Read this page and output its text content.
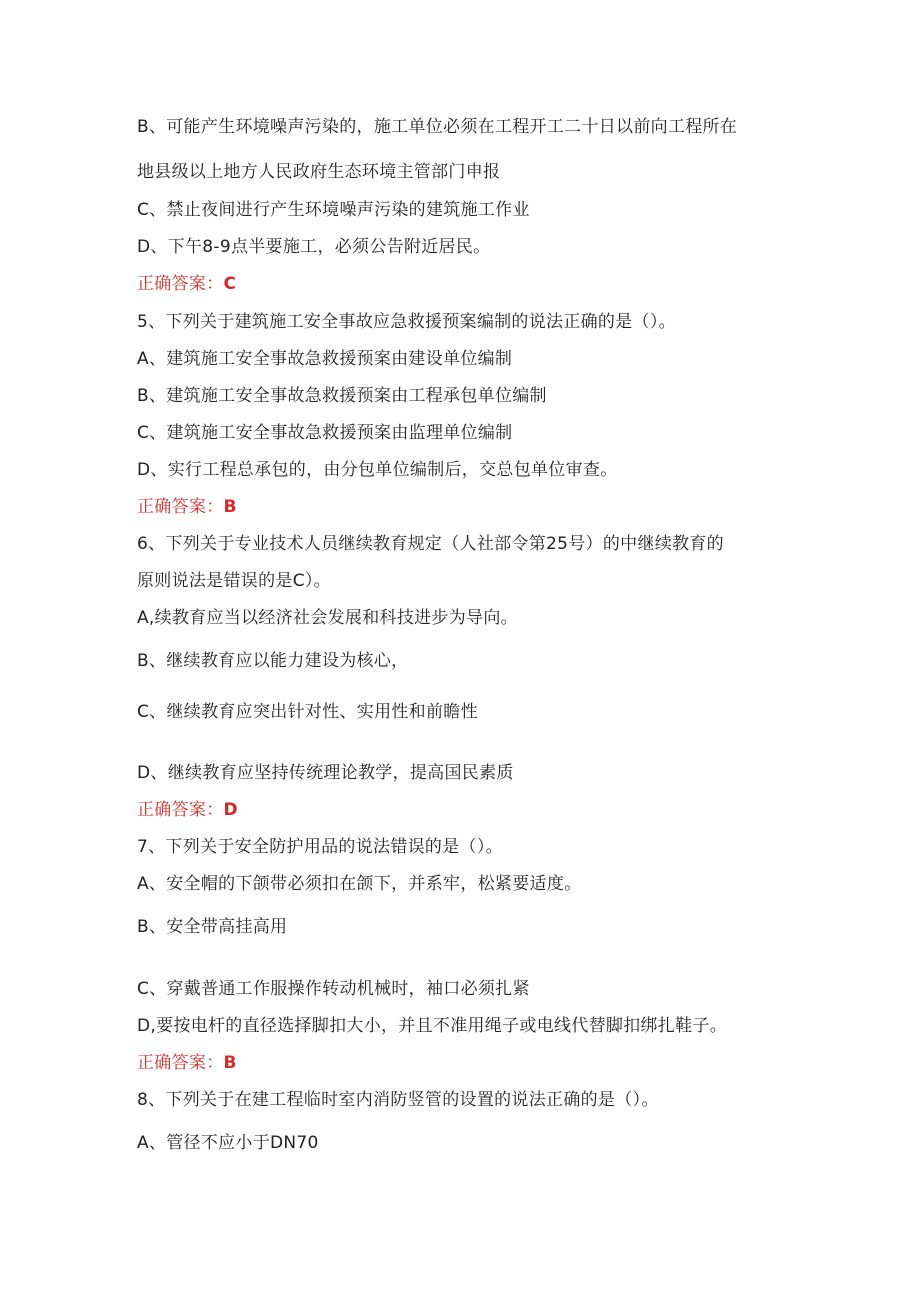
B、可能产生环境噪声污染的，施工单位必须在工程开工二十日以前向工程所在
地县级以上地方人民政府生态环境主管部门申报
C、禁止夜间进行产生环境噪声污染的建筑施工作业
D、下午8-9点半要施工，必须公告附近居民。
正确答案：C
5、下列关于建筑施工安全事故应急救援预案编制的说法正确的是（）。
A、建筑施工安全事故急救援预案由建设单位编制
B、建筑施工安全事故急救援预案由工程承包单位编制
C、建筑施工安全事故急救援预案由监理单位编制
D、实行工程总承包的，由分包单位编制后，交总包单位审查。
正确答案：B
6、下列关于专业技术人员继续教育规定（人社部令第25号）的中继续教育的
原则说法是错误的是C）。
A,续教育应当以经济社会发展和科技进步为导向。
B、继续教育应以能力建设为核心，
C、继续教育应突出针对性、实用性和前瞻性
D、继续教育应坚持传统理论教学，提高国民素质
正确答案：D
7、下列关于安全防护用品的说法错误的是（）。
A、安全帽的下颌带必须扣在颌下，并系牢，松紧要适度。
B、安全带高挂高用
C、穿戴普通工作服操作转动机械时，袖口必须扎紧
D,要按电杆的直径选择脚扣大小，并且不准用绳子或电线代替脚扣绑扎鞋子。
正确答案：B
8、下列关于在建工程临时室内消防竖管的设置的说法正确的是（）。
A、管径不应小于DN70
